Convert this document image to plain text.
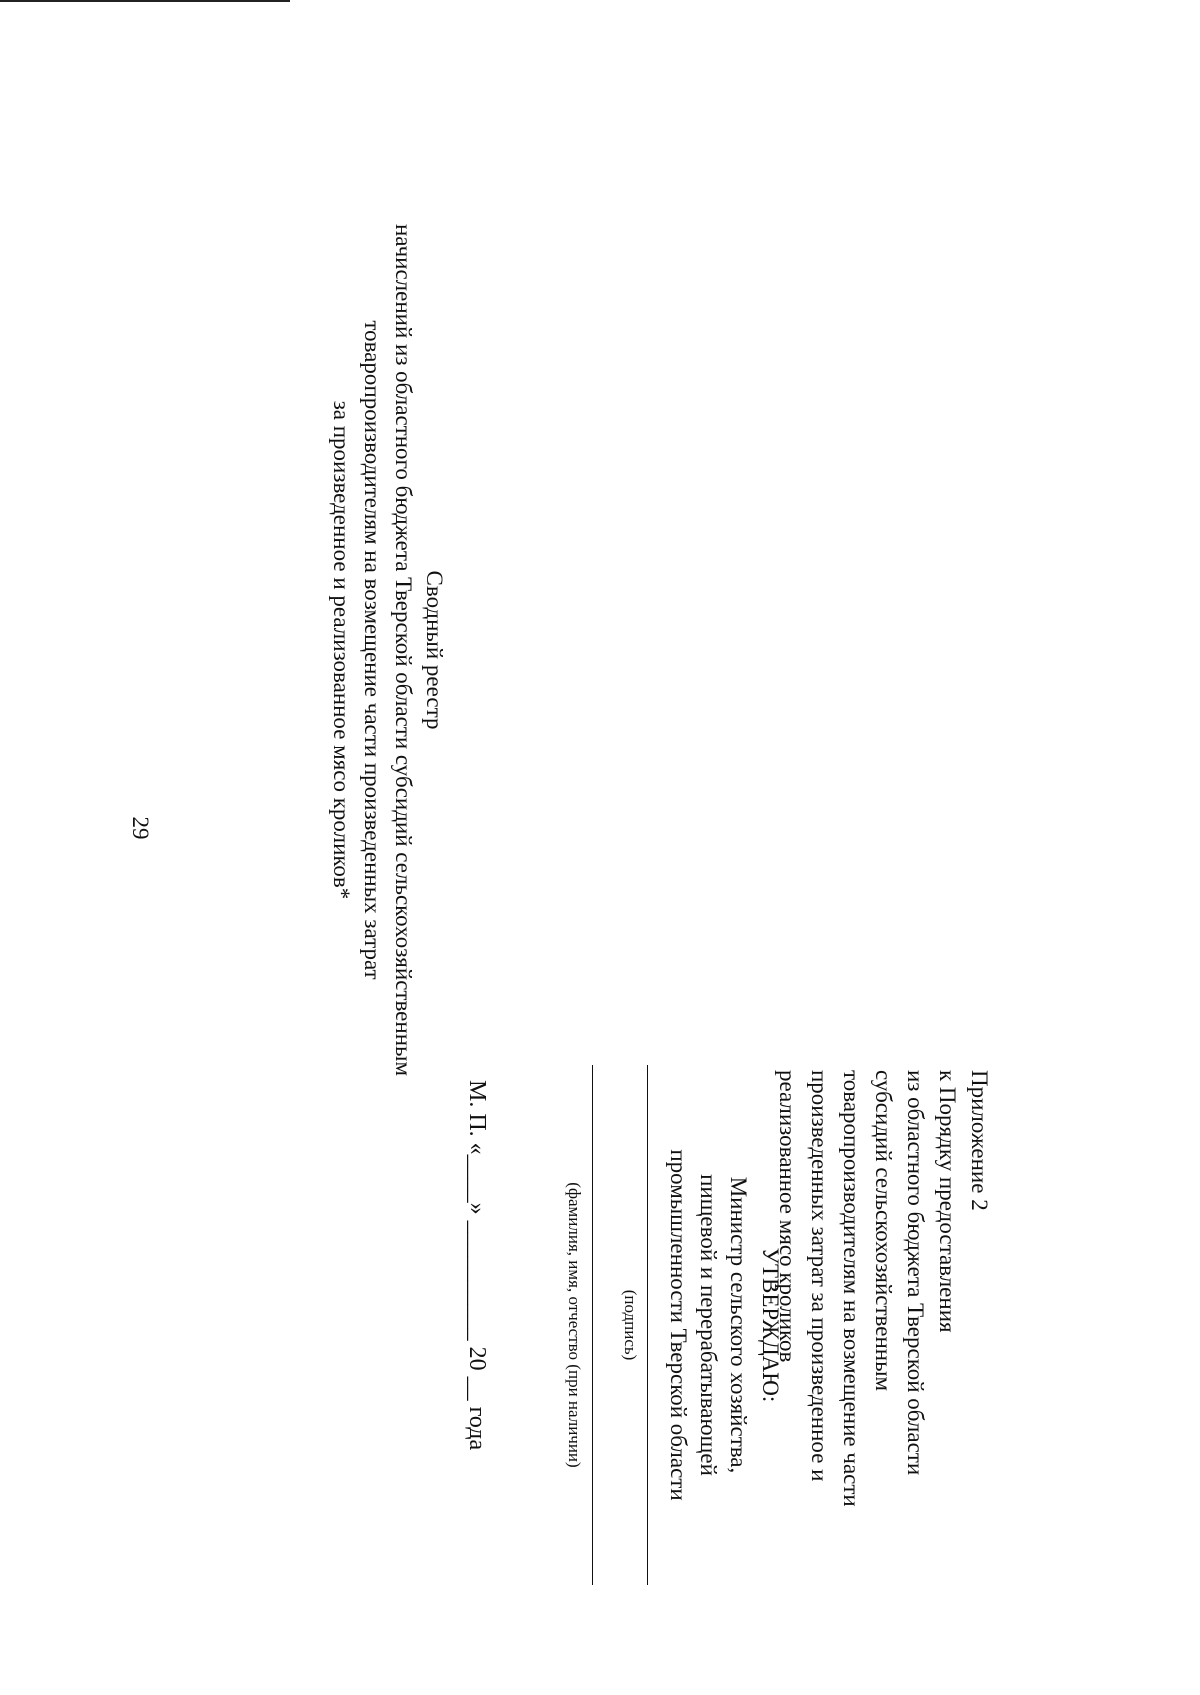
29
Приложение 2
к Порядку предоставления
из областного бюджета Тверской области
субсидий сельскохозяйственным
товаропроизводителям на возмещение части
произведенных затрат за произведенное и
реализованное мясо кроликов
УТВЕРЖДАЮ:
Министр сельского хозяйства,
пищевой и перерабатывающей
промышленности Тверской области
(подпись)
(фамилия, имя, отчество (при наличии)
М. П. «____» __________ 20 __ года
Сводный реестр
начислений из областного бюджета Тверской области субсидий сельскохозяйственным
товаропроизводителям на возмещение части произведенных затрат
за произведенное и реализованное мясо кроликов*
